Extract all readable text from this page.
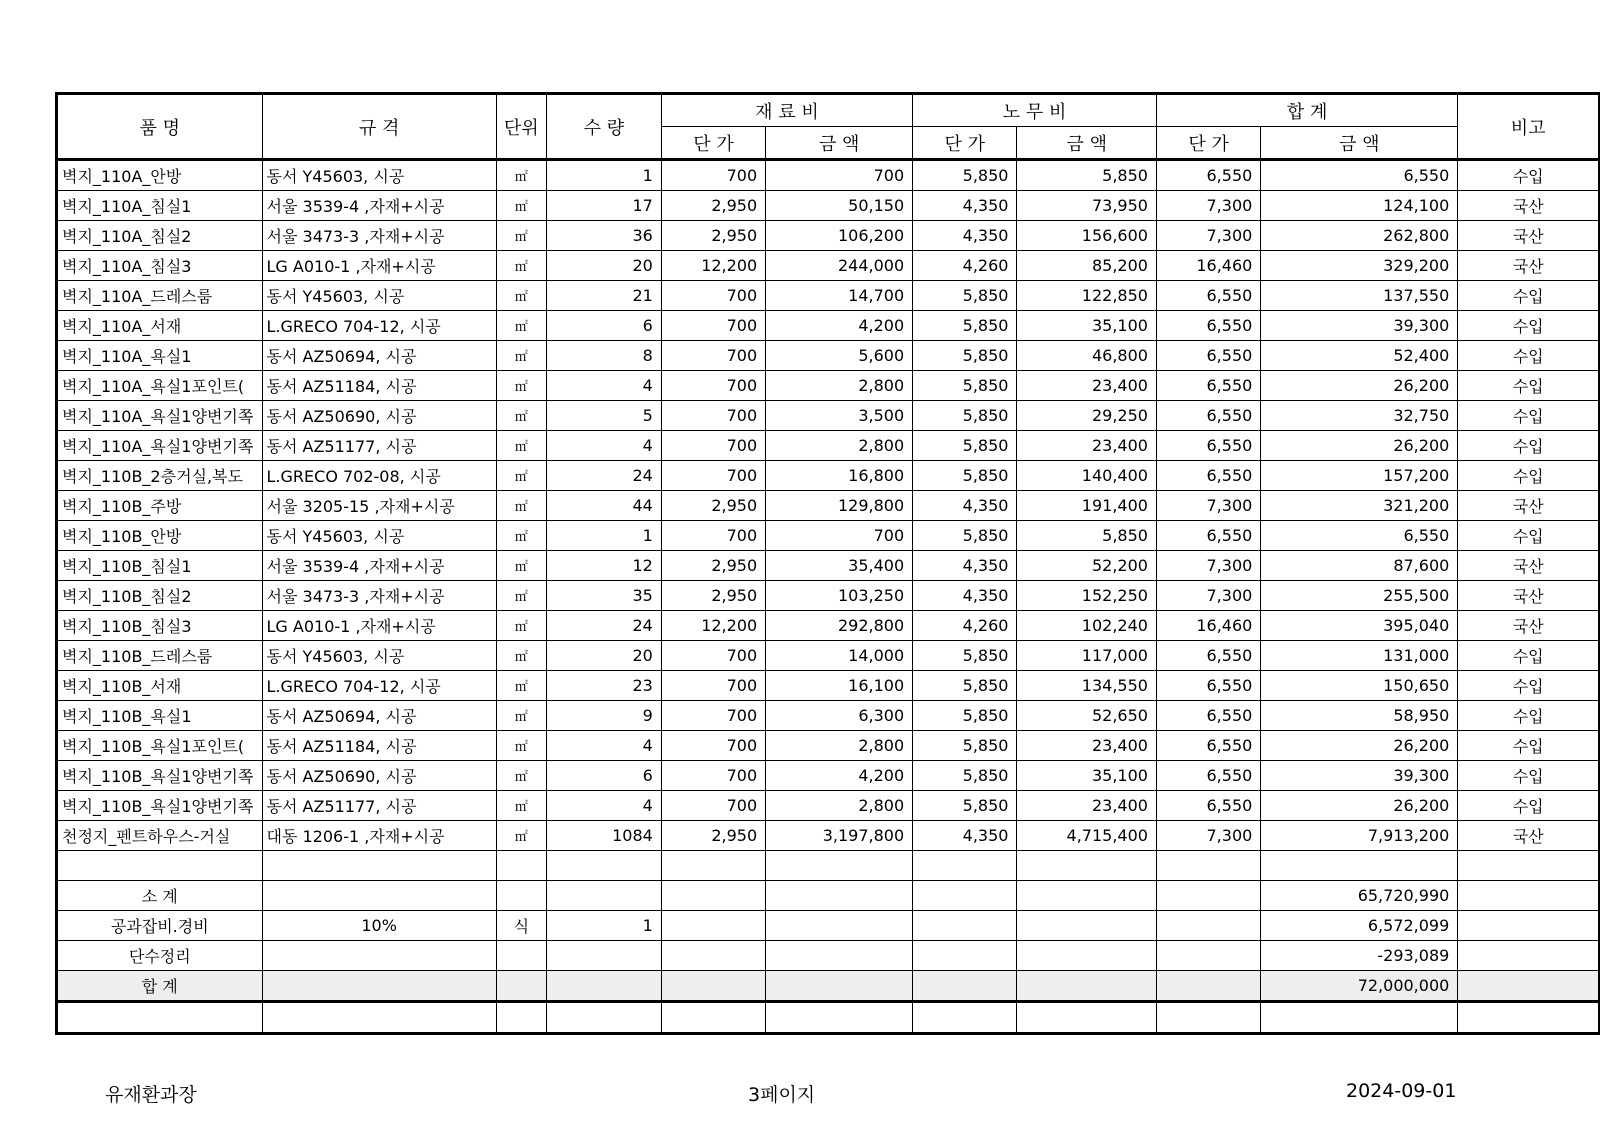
품 명	규 격	단위	수 량	재 료 비		노 무 비		합 계		비고
				단 가	금 액	단 가	금 액	단 가	금 액	
벽지_110A_안방	동서 Y45603, 시공	㎡	1	700	700	5,850	5,850	6,550	6,550	수입
벽지_110A_침실1	서울 3539-4 ,자재+시공	㎡	17	2,950	50,150	4,350	73,950	7,300	124,100	국산
벽지_110A_침실2	서울 3473-3 ,자재+시공	㎡	36	2,950	106,200	4,350	156,600	7,300	262,800	국산
벽지_110A_침실3	LG A010-1 ,자재+시공	㎡	20	12,200	244,000	4,260	85,200	16,460	329,200	국산
벽지_110A_드레스룸	동서 Y45603, 시공	㎡	21	700	14,700	5,850	122,850	6,550	137,550	수입
벽지_110A_서재	L.GRECO 704-12, 시공	㎡	6	700	4,200	5,850	35,100	6,550	39,300	수입
벽지_110A_욕실1	동서 AZ50694, 시공	㎡	8	700	5,600	5,850	46,800	6,550	52,400	수입
벽지_110A_욕실1포인트(	동서 AZ51184, 시공	㎡	4	700	2,800	5,850	23,400	6,550	26,200	수입
벽지_110A_욕실1양변기쪽	동서 AZ50690, 시공	㎡	5	700	3,500	5,850	29,250	6,550	32,750	수입
벽지_110A_욕실1양변기쪽	동서 AZ51177, 시공	㎡	4	700	2,800	5,850	23,400	6,550	26,200	수입
벽지_110B_2층거실,복도	L.GRECO 702-08, 시공	㎡	24	700	16,800	5,850	140,400	6,550	157,200	수입
벽지_110B_주방	서울 3205-15 ,자재+시공	㎡	44	2,950	129,800	4,350	191,400	7,300	321,200	국산
벽지_110B_안방	동서 Y45603, 시공	㎡	1	700	700	5,850	5,850	6,550	6,550	수입
벽지_110B_침실1	서울 3539-4 ,자재+시공	㎡	12	2,950	35,400	4,350	52,200	7,300	87,600	국산
벽지_110B_침실2	서울 3473-3 ,자재+시공	㎡	35	2,950	103,250	4,350	152,250	7,300	255,500	국산
벽지_110B_침실3	LG A010-1 ,자재+시공	㎡	24	12,200	292,800	4,260	102,240	16,460	395,040	국산
벽지_110B_드레스룸	동서 Y45603, 시공	㎡	20	700	14,000	5,850	117,000	6,550	131,000	수입
벽지_110B_서재	L.GRECO 704-12, 시공	㎡	23	700	16,100	5,850	134,550	6,550	150,650	수입
벽지_110B_욕실1	동서 AZ50694, 시공	㎡	9	700	6,300	5,850	52,650	6,550	58,950	수입
벽지_110B_욕실1포인트(	동서 AZ51184, 시공	㎡	4	700	2,800	5,850	23,400	6,550	26,200	수입
벽지_110B_욕실1양변기쪽	동서 AZ50690, 시공	㎡	6	700	4,200	5,850	35,100	6,550	39,300	수입
벽지_110B_욕실1양변기쪽	동서 AZ51177, 시공	㎡	4	700	2,800	5,850	23,400	6,550	26,200	수입
천정지_펜트하우스-거실	대동 1206-1 ,자재+시공	㎡	1084	2,950	3,197,800	4,350	4,715,400	7,300	7,913,200	국산

소 계									65,720,990	
공과잡비.경비	10%	식	1						6,572,099	
단수정리									-293,089	
합 계									72,000,000	

유재환과장	3페이지	2024-09-01
